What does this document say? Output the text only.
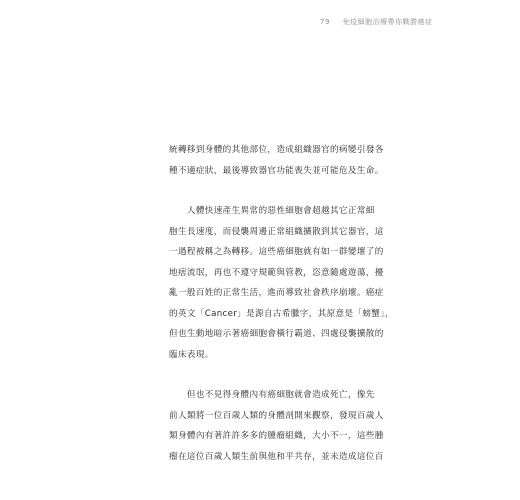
79 免疫細胞治療帶你戰勝癌症

統轉移到身體的其他部位，造成組織器官的病變引發各
種不適症狀，最後導致器官功能喪失並可能危及生命。

　　人體快速產生異常的惡性細胞會超越其它正常細
胞生長速度，而侵襲周邊正常組織擴散到其它器官，這
一過程被稱之為轉移。這些癌細胞就有如一群變壞了的
地痞流氓，再也不遵守規範與管教，恣意隨處遊蕩，擾
亂一般百姓的正常生活，進而導致社會秩序崩壞。癌症
的英文「Cancer」是源自古希臘字，其原意是「螃蟹」，
但也生動地暗示著癌細胞會橫行霸道、四處侵襲擴散的
臨床表現。

　　但也不見得身體內有癌細胞就會造成死亡，像先
前人類將一位百歲人類的身體剖開來觀察，發現百歲人
類身體內有著許許多多的腫瘤組織，大小不一，這些腫
瘤在這位百歲人類生前與他和平共存，並未造成這位百
